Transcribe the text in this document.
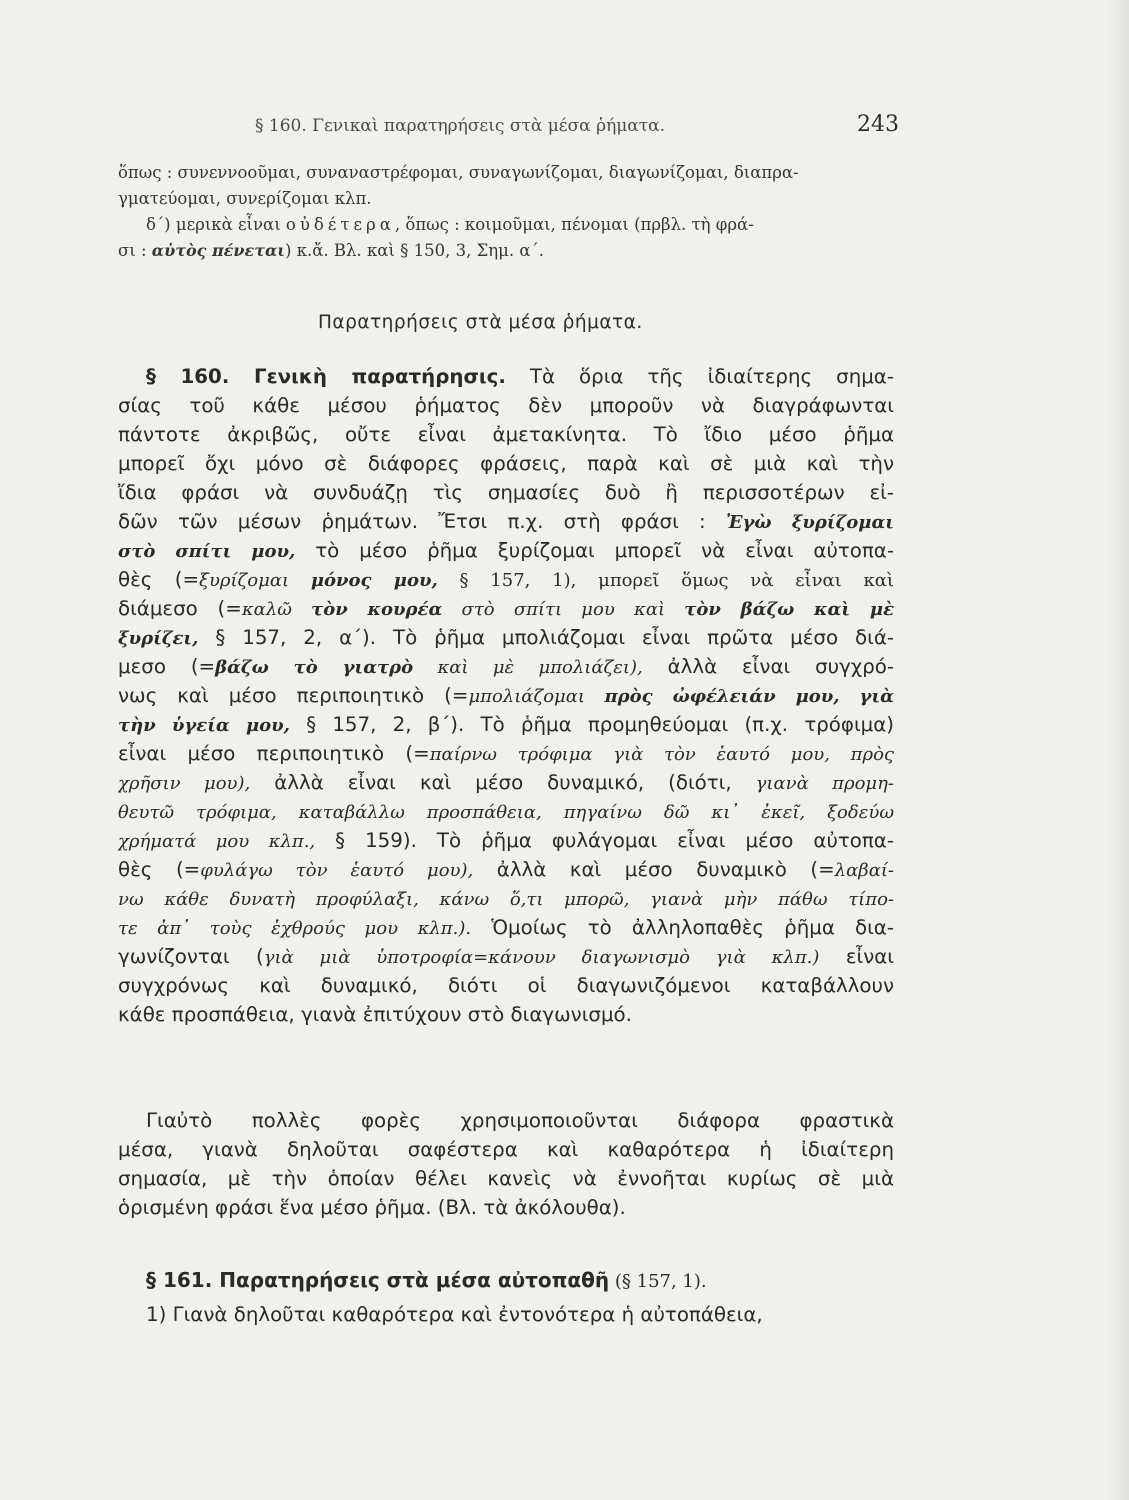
§ 160. Γενικαὶ παρατηρήσεις στὰ μέσα ῥήματα.	243
ὅπως : συνεννοοῦμαι, συναναστρέφομαι, συναγωνίζομαι, διαγωνίζομαι, διαπρα-
γματεύομαι, συνερίζομαι κλπ.
δ΄) μερικὰ εἶναι οὐδέτερα, ὅπως : κοιμοῦμαι, πένομαι (πρβλ. τὴ φρά-
σι : αὐτὸς πένεται) κ.ἄ. Βλ. καὶ § 150, 3, Σημ. α΄.
Παρατηρήσεις στὰ μέσα ῥήματα.
§ 160. Γενικὴ παρατήρησις. Τὰ ὅρια τῆς ἰδιαίτερης σημα-
σίας τοῦ κάθε μέσου ῥήματος δὲν μποροῦν νὰ διαγράφωνται
πάντοτε ἀκριβῶς, οὔτε εἶναι ἀμετακίνητα. Τὸ ἴδιο μέσο ῥῆμα
μπορεῖ ὄχι μόνο σὲ διάφορες φράσεις, παρὰ καὶ σὲ μιὰ καὶ τὴν
ἴδια φράσι νὰ συνδυάζῃ τὶς σημασίες δυὸ ἢ περισσοτέρων εἰ-
δῶν τῶν μέσων ῥημάτων. Ἔτσι π.χ. στὴ φράσι : Ἐγὼ ξυρίζομαι
στὸ σπίτι μου, τὸ μέσο ῥῆμα ξυρίζομαι μπορεῖ νὰ εἶναι αὐτοπα-
θὲς (=ξυρίζομαι μόνος μου, § 157, 1), μπορεῖ ὅμως νὰ εἶναι καὶ
διάμεσο (=καλῶ τὸν κουρέα στὸ σπίτι μου καὶ τὸν βάζω καὶ μὲ
ξυρίζει, § 157, 2, α΄). Τὸ ῥῆμα μπολιάζομαι εἶναι πρῶτα μέσο διά-
μεσο (=βάζω τὸ γιατρὸ καὶ μὲ μπολιάζει), ἀλλὰ εἶναι συγχρό-
νως καὶ μέσο περιποιητικὸ (=μπολιάζομαι πρὸς ὠφέλειάν μου, γιὰ
τὴν ὑγεία μου, § 157, 2, β΄). Τὸ ῥῆμα προμηθεύομαι (π.χ. τρόφιμα)
εἶναι μέσο περιποιητικὸ (=παίρνω τρόφιμα γιὰ τὸν ἑαυτό μου, πρὸς
χρῆσιν μου), ἀλλὰ εἶναι καὶ μέσο δυναμικό, (διότι, γιανὰ προμη-
θευτῶ τρόφιμα, καταβάλλω προσπάθεια, πηγαίνω δῶ κι᾿ ἐκεῖ, ξοδεύω
χρήματά μου κλπ., § 159). Τὸ ῥῆμα φυλάγομαι εἶναι μέσο αὐτοπα-
θὲς (=φυλάγω τὸν ἑαυτό μου), ἀλλὰ καὶ μέσο δυναμικὸ (=λαβαί-
νω κάθε δυνατὴ προφύλαξι, κάνω ὅ,τι μπορῶ, γιανὰ μὴν πάθω τίπο-
τε ἀπ᾿ τοὺς ἐχθρούς μου κλπ.). Ὁμοίως τὸ ἀλληλοπαθὲς ῥῆμα δια-
γωνίζονται (γιὰ μιὰ ὑποτροφία=κάνουν διαγωνισμὸ γιὰ κλπ.) εἶναι
συγχρόνως καὶ δυναμικό, διότι οἱ διαγωνιζόμενοι καταβάλλουν
κάθε προσπάθεια, γιανὰ ἐπιτύχουν στὸ διαγωνισμό.
Γιαὐτὸ πολλὲς φορὲς χρησιμοποιοῦνται διάφορα φραστικὰ
μέσα, γιανὰ δηλοῦται σαφέστερα καὶ καθαρότερα ἡ ἰδιαίτερη
σημασία, μὲ τὴν ὁποίαν θέλει κανεὶς νὰ ἐννοῆται κυρίως σὲ μιὰ
ὁρισμένη φράσι ἕνα μέσο ῥῆμα. (Βλ. τὰ ἀκόλουθα).
§ 161. Παρατηρήσεις στὰ μέσα αὐτοπαθῆ (§ 157, 1).
1) Γιανὰ δηλοῦται καθαρότερα καὶ ἐντονότερα ἡ αὐτοπάθεια,
